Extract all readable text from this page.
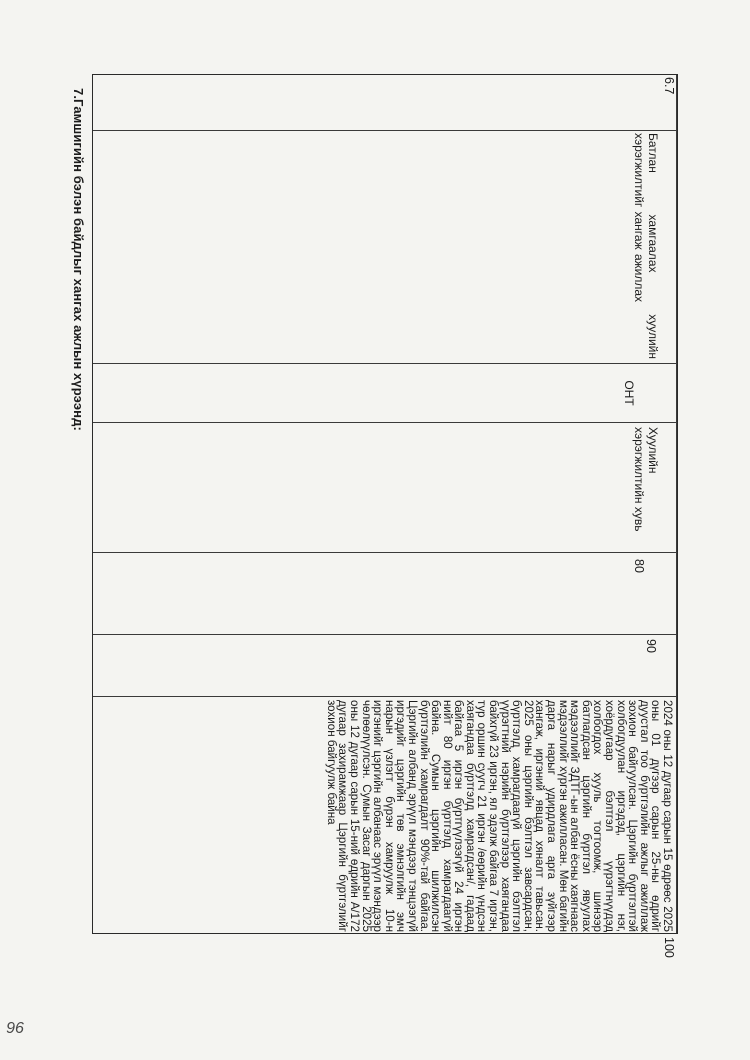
6.7
Батлан хамгаалах хуулийн хэрэгжилтийг хангаж ажиллах
ОНТ
Хуулийн хэрэгжилтийн хувь
80
90
2024 оны 12 дугаар сарын 15 өдрөөс 2025 оны 01 дүгээр сарын 25-ны өдрийг дуустал тоо бүртгэлийн ажлыг ажиллаж зохион байгуулсан. Цэргийн бүртгэлтэй холбогдуулан иргэдэд, цэргийн нэг, хоёрдугаар бэлтгэл үүрэгтнүүдэд холбогдох хууль тогтоомж, шинээр батлагдсан цэргийн бүртгэл явуулах мэдээллийг ЗДТГ-ын албан ёсны хаягнаас мэдээллийг хүргэн ажилласан. Мөн багийн дарга нарыг удирдлага арга зүйгээр хангаж, иргэний явцад хяналт тавьсан. 2025 оны цэргийн бэлтгэл завсардсан, бүртгэлд хамрагдаагүй цэргийн бэлтгэл үүрэгтний нэрийн бүртгэлээр хаягандаа байхгүй 23 иргэн, ял эдэлж байгаа 7 иргэн, тур оршин суугч 21 иргэн /өөрийн үндсэн хаягандаа бүртгэлд хамрагдсан/, гадаад байгаа 5 иргэн бүртгүүлээгүй 24 иргэн нийт 80 иргэн бүртгэлд хамрагдаагүй байна. Сумын цэргийн шилжилсэн бүртгэлийн хамрагдалт 90%-тай байгаа. Цэргийн албанд эрүүл мэндээр тэнцээгүй иргэдийг цэргийн төв эмнэлгийн эмч нарын үзлэгт бүрэн хамруулж 10-н иргэнийг цэргийн албанаас эрүүл мэндээр чөлөөлүүлсэн. Сумын Засаг даргын 2025 оны 12 дугаар сарын 15-ний өдрийн А/172 дугаар захирамжаар Цэргийн бүртгэлийг зохион байгуулж байна
100
7.Гамшигийн бэлэн байдлыг хангах ажлын хүрээнд:
96
